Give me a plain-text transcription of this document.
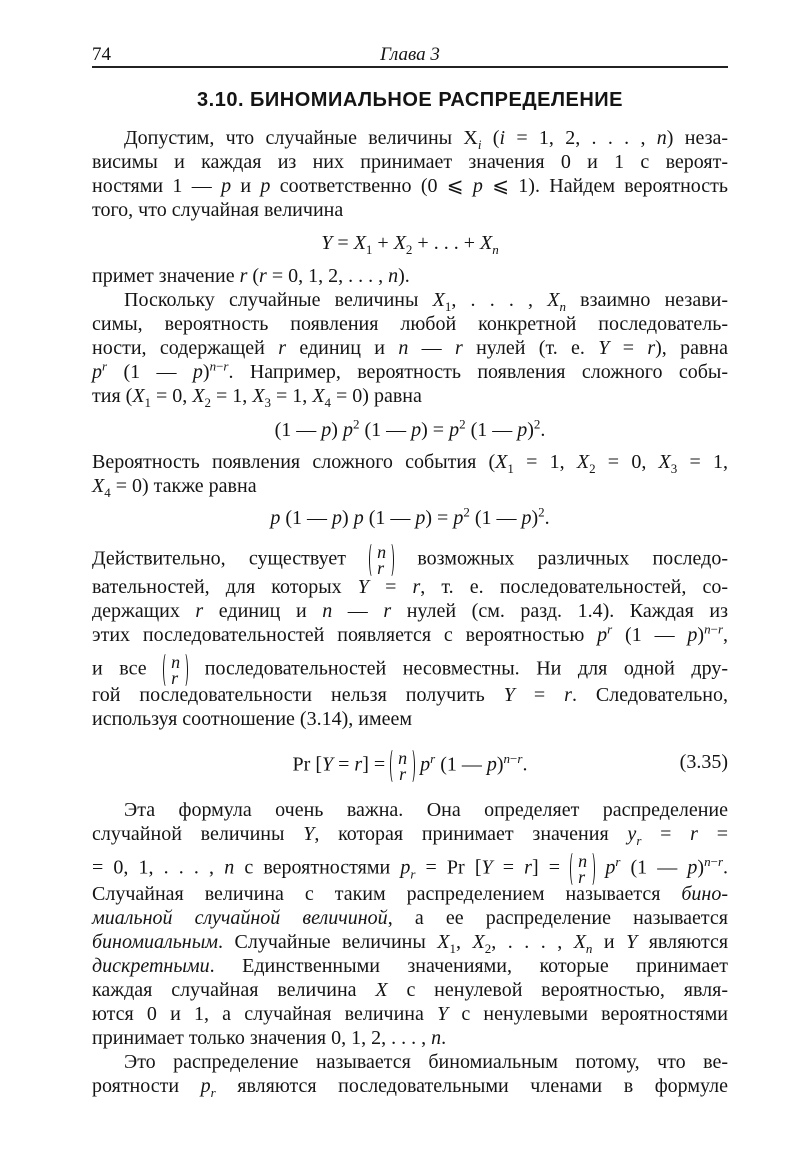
74	Глава 3
3.10. БИНОМИАЛЬНОЕ РАСПРЕДЕЛЕНИЕ
Допустим, что случайные величины $X_i$ (i = 1, 2, . . . , n) неза-
висимы и каждая из них принимает значения 0 и 1 с вероят-
ностями 1 — p и p соответственно (0 ⩽ p ⩽ 1). Найдем вероятность
того, что случайная величина
$Y = X_1 + X_2$ + . . . + $X_n$
примет значение r (r = 0, 1, 2, . . . , n).
Поскольку случайные величины $X_1$, . . . , $X_n$ взаимно незави-
симы, вероятность появления любой конкретной последователь-
ности, содержащей r единиц и n — r нулей (т. е. Y = r), равна
$p^r$ (1 — p)$^{n-r}$. Например, вероятность появления сложного собы-
тия ($X_1 = 0$, $X_2 = 1$, $X_3 = 1$, $X_4 = 0$) равна
(1 — p) $p^2$ (1 — $p) = p^2$ (1 — p)$^2$.
Вероятность появления сложного события ($X_1 = 1$, $X_2 = 0$, $X_3 = 1$,
$X_4 = 0$) также равна
p (1 — p) p (1 — $p) = p^2$ (1 — p)$^2$.
Действительно, существует n
r возможных различных последо-
вательностей, для которых Y = r, т. е. последовательностей, со-
держащих r единиц и n — r нулей (см. разд. 1.4). Каждая из
этих последовательностей появляется с вероятностью $p^r$ (1 — p)$^{n-r}$,
и все n
r последовательностей несовместны. Ни для одной дру-
гой последовательности нельзя получить Y = r. Следовательно,
используя соотношение (3.14), имеем
Pr [Y = r] = n
r $p^r$ (1 — p)$^{n-r}$.	(3.35)
Эта формула очень важна. Она определяет распределение
случайной величины Y, которая принимает значения $y_r = r$ =
= 0, 1, . . . , n с вероятностями $p_r = Pr$ [Y = r] = n
r $p^r$ (1 — p)$^{n-r}$.
Случайная величина с таким распределением называется бино-
миальной случайной величиной, а ее распределение называется
биномиальным. Случайные величины $X_1$, $X_2$, . . . , $X_n$ и Y являются
дискретными. Единственными значениями, которые принимает
каждая случайная величина X с ненулевой вероятностью, явля-
ются 0 и 1, а случайная величина Y с ненулевыми вероятностями
принимает только значения 0, 1, 2, . . . , n.
Это распределение называется биномиальным потому, что ве-
роятности $p_r$ являются последовательными членами в формуле
